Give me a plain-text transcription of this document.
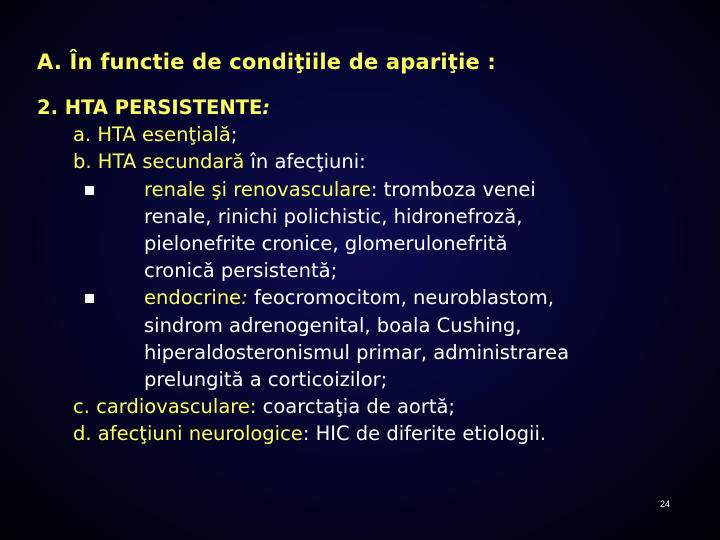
A. În functie de condiţiile de apariţie :
2. HTA PERSISTENTE:
a. HTA esenţială;
b. HTA secundară în afecţiuni:
renale şi renovasculare: tromboza venei
renale, rinichi polichistic, hidronefroză,
pielonefrite cronice, glomerulonefrită
cronică persistentă;
endocrine: feocromocitom, neuroblastom,
sindrom adrenogenital, boala Cushing,
hiperaldosteronismul primar, administrarea
prelungită a corticoizilor;
c. cardiovasculare: coarctaţia de aortă;
d. afecţiuni neurologice: HIC de diferite etiologii.
24
